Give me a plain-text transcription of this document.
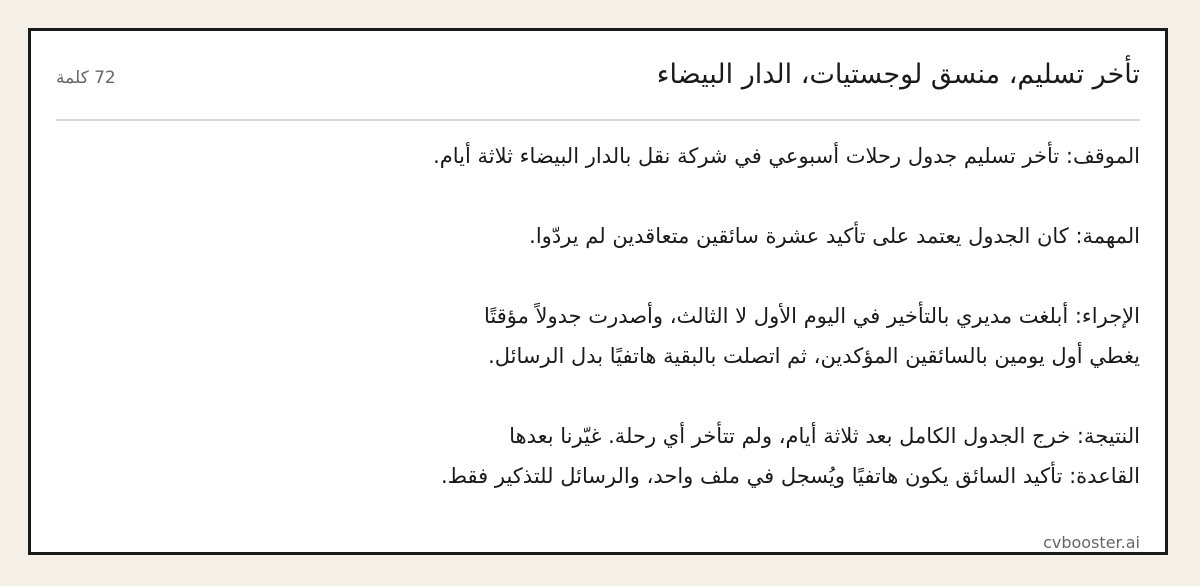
تأخر تسليم، منسق لوجستيات، الدار البيضاء
72 كلمة

الموقف: تأخر تسليم جدول رحلات أسبوعي في شركة نقل بالدار البيضاء ثلاثة أيام.

المهمة: كان الجدول يعتمد على تأكيد عشرة سائقين متعاقدين لم يردّوا.

الإجراء: أبلغت مديري بالتأخير في اليوم الأول لا الثالث، وأصدرت جدولاً مؤقتًا
يغطي أول يومين بالسائقين المؤكدين، ثم اتصلت بالبقية هاتفيًا بدل الرسائل.

النتيجة: خرج الجدول الكامل بعد ثلاثة أيام، ولم تتأخر أي رحلة. غيّرنا بعدها
القاعدة: تأكيد السائق يكون هاتفيًا ويُسجل في ملف واحد، والرسائل للتذكير فقط.

cvbooster.ai
